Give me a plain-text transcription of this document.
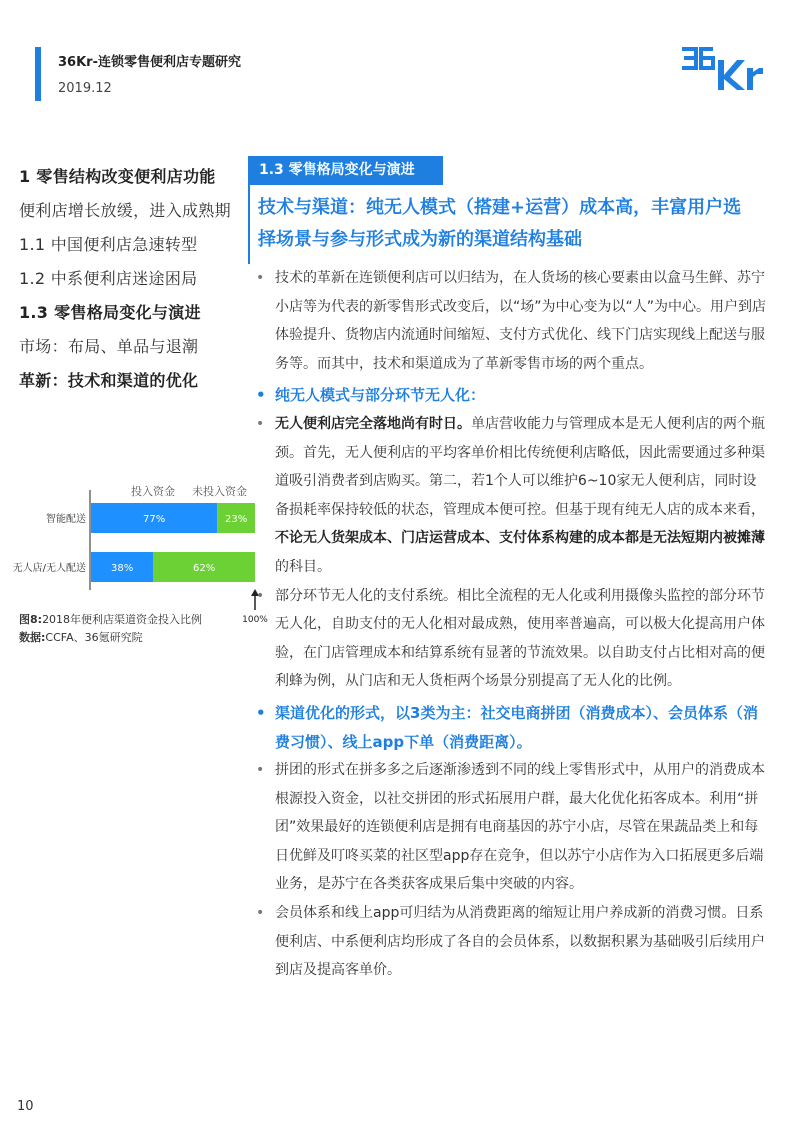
36Kr-连锁零售便利店专题研究
2019.12
1 零售结构改变便利店功能
便利店增长放缓，进入成熟期
1.1 中国便利店急速转型
1.2 中系便利店迷途困局
1.3 零售格局变化与演进
市场：布局、单品与退潮
革新：技术和渠道的优化
投入资金 未投入资金
智能配送	77%	23%
无人店/无人配送	38%	62%
100%
图8:2018年便利店渠道资金投入比例
数据:CCFA、36氪研究院
1.3 零售格局变化与演进
技术与渠道：纯无人模式（搭建+运营）成本高，丰富用户选择场景与参与形式成为新的渠道结构基础
• 技术的革新在连锁便利店可以归结为，在人货场的核心要素由以盒马生鲜、苏宁小店等为代表的新零售形式改变后，以“场”为中心变为以“人”为中心。用户到店体验提升、货物店内流通时间缩短、支付方式优化、线下门店实现线上配送与服务等。而其中，技术和渠道成为了革新零售市场的两个重点。
• 纯无人模式与部分环节无人化：
• 无人便利店完全落地尚有时日。单店营收能力与管理成本是无人便利店的两个瓶颈。首先，无人便利店的平均客单价相比传统便利店略低，因此需要通过多种渠道吸引消费者到店购买。第二，若1个人可以维护6~10家无人便利店，同时设备损耗率保持较低的状态，管理成本便可控。但基于现有纯无人店的成本来看，不论无人货架成本、门店运营成本、支付体系构建的成本都是无法短期内被摊薄的科目。
• 部分环节无人化的支付系统。相比全流程的无人化或利用摄像头监控的部分环节无人化，自助支付的无人化相对最成熟，使用率普遍高，可以极大化提高用户体验，在门店管理成本和结算系统有显著的节流效果。以自助支付占比相对高的便利蜂为例，从门店和无人货柜两个场景分别提高了无人化的比例。
• 渠道优化的形式，以3类为主：社交电商拼团（消费成本）、会员体系（消费习惯）、线上app下单（消费距离）。
• 拼团的形式在拼多多之后逐渐渗透到不同的线上零售形式中，从用户的消费成本根源投入资金，以社交拼团的形式拓展用户群，最大化优化拓客成本。利用“拼团”效果最好的连锁便利店是拥有电商基因的苏宁小店，尽管在果蔬品类上和每日优鲜及叮咚买菜的社区型app存在竞争，但以苏宁小店作为入口拓展更多后端业务，是苏宁在各类获客成果后集中突破的内容。
• 会员体系和线上app可归结为从消费距离的缩短让用户养成新的消费习惯。日系便利店、中系便利店均形成了各自的会员体系，以数据积累为基础吸引后续用户到店及提高客单价。
10
